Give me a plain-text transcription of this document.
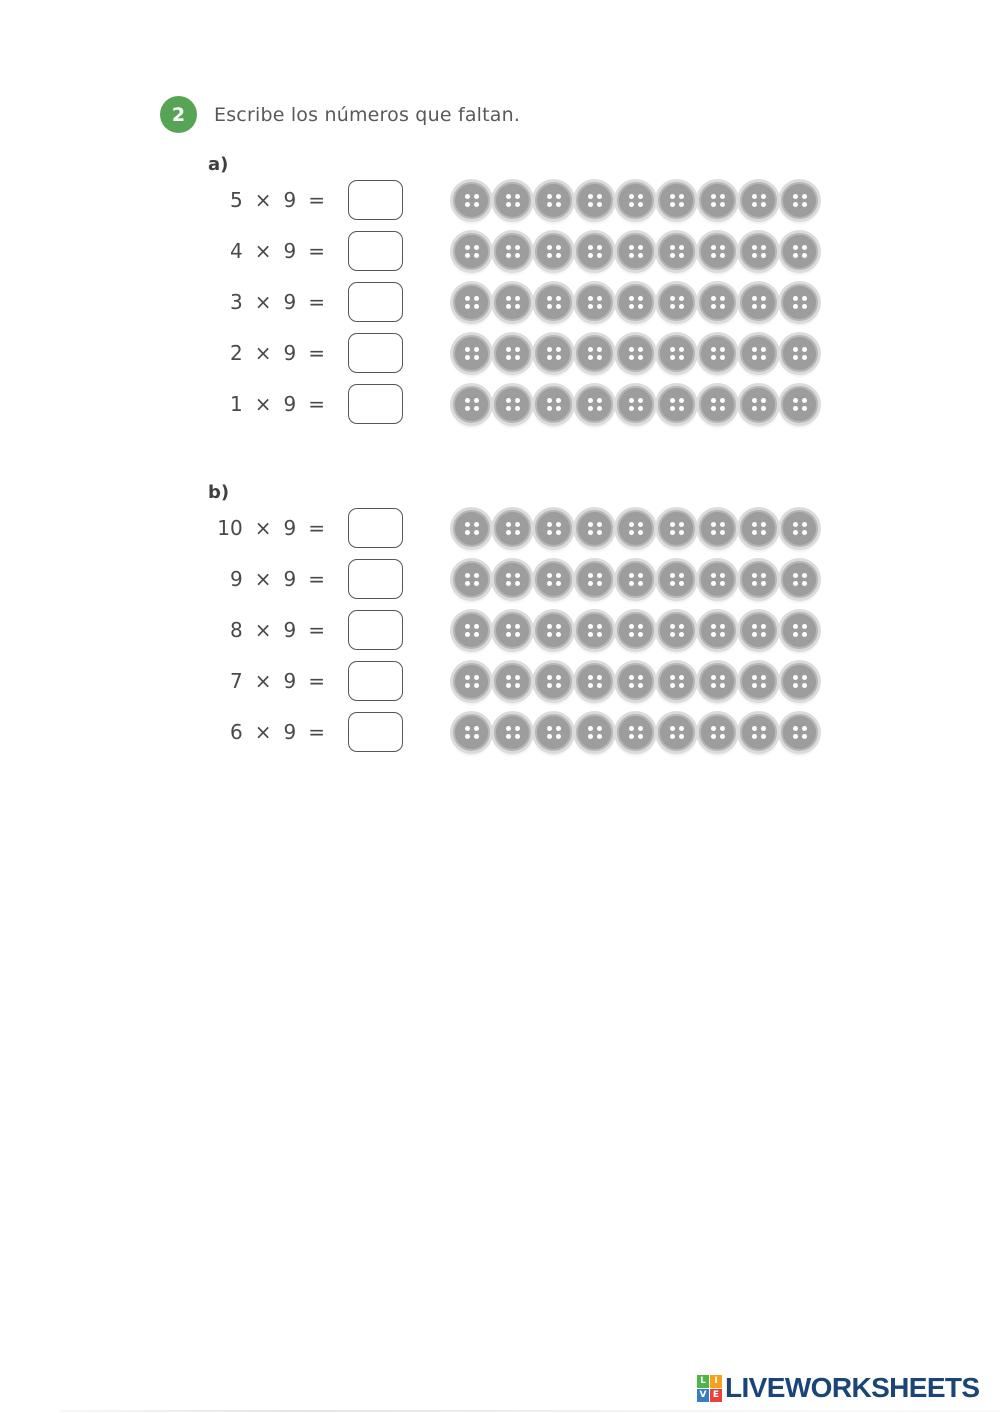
2	Escribe los números que faltan.
a)
5 × 9 =
4 × 9 =
3 × 9 =
2 × 9 =
1 × 9 =
b)
10 × 9 =
9 × 9 =
8 × 9 =
7 × 9 =
6 × 9 =
L I
V E LIVEWORKSHEETS
